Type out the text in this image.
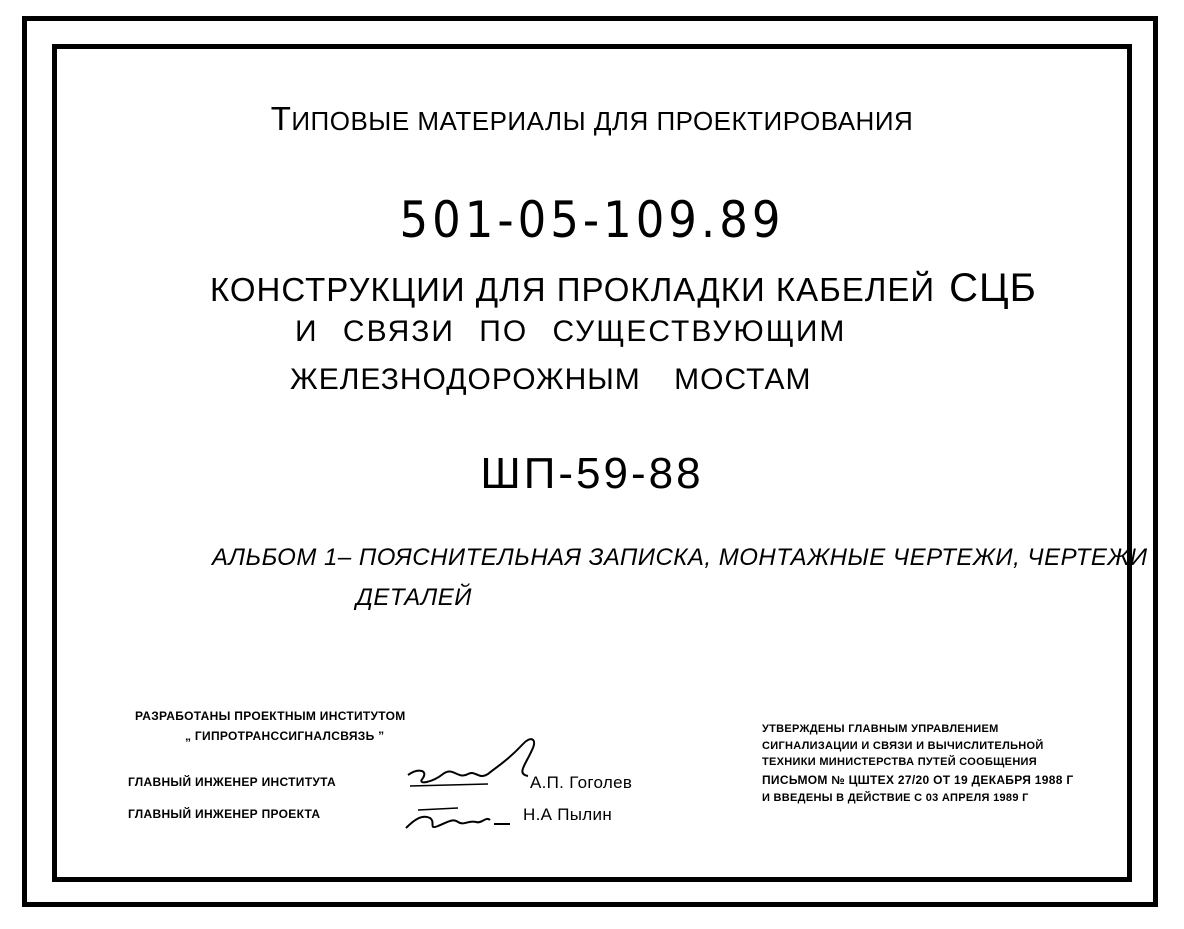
ТИПОВЫЕ МАТЕРИАЛЫ ДЛЯ ПРОЕКТИРОВАНИЯ
501-05-109.89
КОНСТРУКЦИИ ДЛЯ ПРОКЛАДКИ КАБЕЛЕЙ СЦБ
И СВЯЗИ ПО СУЩЕСТВУЮЩИМ
ЖЕЛЕЗНОДОРОЖНЫМ МОСТАМ
ШП-59-88
АЛЬБОМ 1– ПОЯСНИТЕЛЬНАЯ ЗАПИСКА, МОНТАЖНЫЕ ЧЕРТЕЖИ, ЧЕРТЕЖИ
ДЕТАЛЕЙ
РАЗРАБОТАНЫ ПРОЕКТНЫМ ИНСТИТУТОМ
„ ГИПРОТРАНССИГНАЛСВЯЗЬ ”
ГЛАВНЫЙ ИНЖЕНЕР ИНСТИТУТА	А.П. Гоголев
ГЛАВНЫЙ ИНЖЕНЕР ПРОЕКТА	Н.А Пылин
УТВЕРЖДЕНЫ ГЛАВНЫМ УПРАВЛЕНИЕМ
СИГНАЛИЗАЦИИ И СВЯЗИ И ВЫЧИСЛИТЕЛЬНОЙ
ТЕХНИКИ МИНИСТЕРСТВА ПУТЕЙ СООБЩЕНИЯ
ПИСЬМОМ № ЦШТЕХ 27/20 ОТ 19 ДЕКАБРЯ 1988 Г
И ВВЕДЕНЫ В ДЕЙСТВИЕ С 03 АПРЕЛЯ 1989 Г
